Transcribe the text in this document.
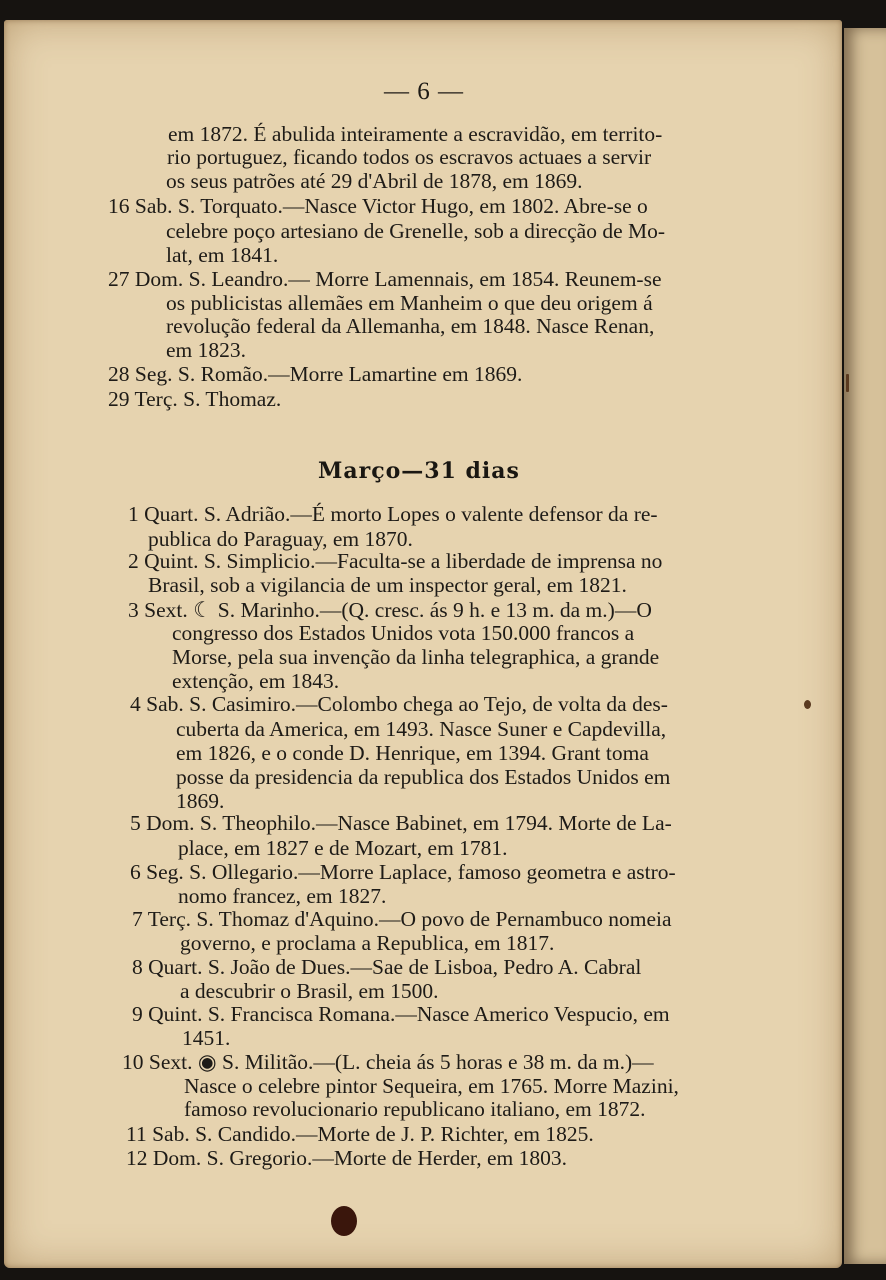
— 6 —
em 1872. É abulida inteiramente a escravidão, em territo-
rio portuguez, ficando todos os escravos actuaes a servir
os seus patrões até 29 d'Abril de 1878, em 1869.
16 Sab. S. Torquato.—Nasce Victor Hugo, em 1802. Abre-se o
celebre poço artesiano de Grenelle, sob a direcção de Mo-
lat, em 1841.
27 Dom. S. Leandro.— Morre Lamennais, em 1854. Reunem-se
os publicistas allemães em Manheim o que deu origem á
revolução federal da Allemanha, em 1848. Nasce Renan,
em 1823.
28 Seg. S. Romão.—Morre Lamartine em 1869.
29 Terç. S. Thomaz.
Março—31 dias
1 Quart. S. Adrião.—É morto Lopes o valente defensor da re-
publica do Paraguay, em 1870.
2 Quint. S. Simplicio.—Faculta-se a liberdade de imprensa no
Brasil, sob a vigilancia de um inspector geral, em 1821.
3 Sext. ☾ S. Marinho.—(Q. cresc. ás 9 h. e 13 m. da m.)—O
congresso dos Estados Unidos vota 150.000 francos a
Morse, pela sua invenção da linha telegraphica, a grande
extenção, em 1843.
4 Sab. S. Casimiro.—Colombo chega ao Tejo, de volta da des-
cuberta da America, em 1493. Nasce Suner e Capdevilla,
em 1826, e o conde D. Henrique, em 1394. Grant toma
posse da presidencia da republica dos Estados Unidos em
1869.
5 Dom. S. Theophilo.—Nasce Babinet, em 1794. Morte de La-
place, em 1827 e de Mozart, em 1781.
6 Seg. S. Ollegario.—Morre Laplace, famoso geometra e astro-
nomo francez, em 1827.
7 Terç. S. Thomaz d'Aquino.—O povo de Pernambuco nomeia
governo, e proclama a Republica, em 1817.
8 Quart. S. João de Dues.—Sae de Lisboa, Pedro A. Cabral
a descubrir o Brasil, em 1500.
9 Quint. S. Francisca Romana.—Nasce Americo Vespucio, em
1451.
10 Sext. ◉ S. Militão.—(L. cheia ás 5 horas e 38 m. da m.)—
Nasce o celebre pintor Sequeira, em 1765. Morre Mazini,
famoso revolucionario republicano italiano, em 1872.
11 Sab. S. Candido.—Morte de J. P. Richter, em 1825.
12 Dom. S. Gregorio.—Morte de Herder, em 1803.
